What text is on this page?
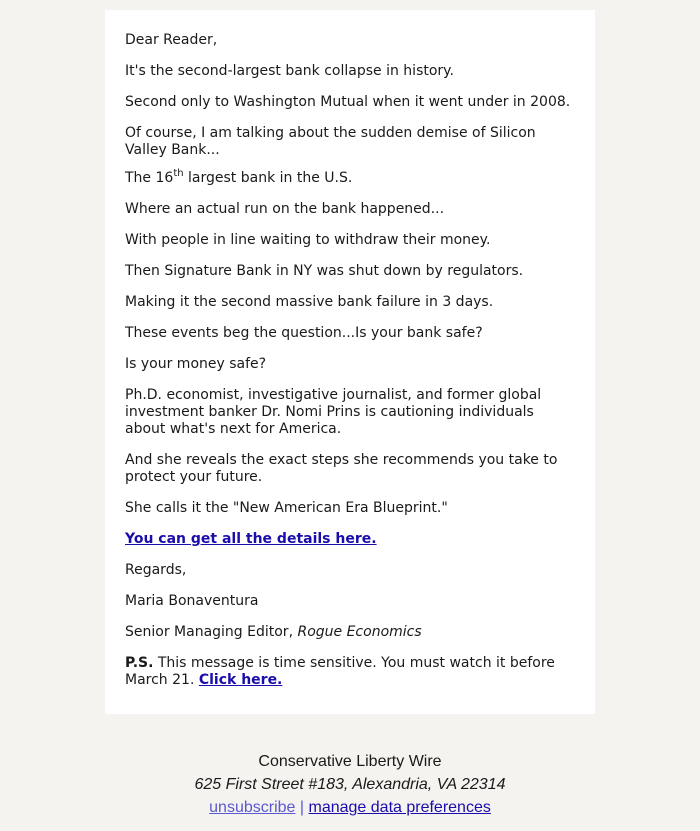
Dear Reader,

It's the second-largest bank collapse in history.

Second only to Washington Mutual when it went under in 2008.

Of course, I am talking about the sudden demise of Silicon Valley Bank...

The 16th largest bank in the U.S.

Where an actual run on the bank happened...

With people in line waiting to withdraw their money.

Then Signature Bank in NY was shut down by regulators.

Making it the second massive bank failure in 3 days.

These events beg the question...Is your bank safe?

Is your money safe?

Ph.D. economist, investigative journalist, and former global investment banker Dr. Nomi Prins is cautioning individuals about what's next for America.

And she reveals the exact steps she recommends you take to protect your future.

She calls it the "New American Era Blueprint."

You can get all the details here.

Regards,

Maria Bonaventura

Senior Managing Editor, Rogue Economics

P.S. This message is time sensitive. You must watch it before March 21. Click here.

Conservative Liberty Wire
625 First Street #183, Alexandria, VA 22314
unsubscribe | manage data preferences
